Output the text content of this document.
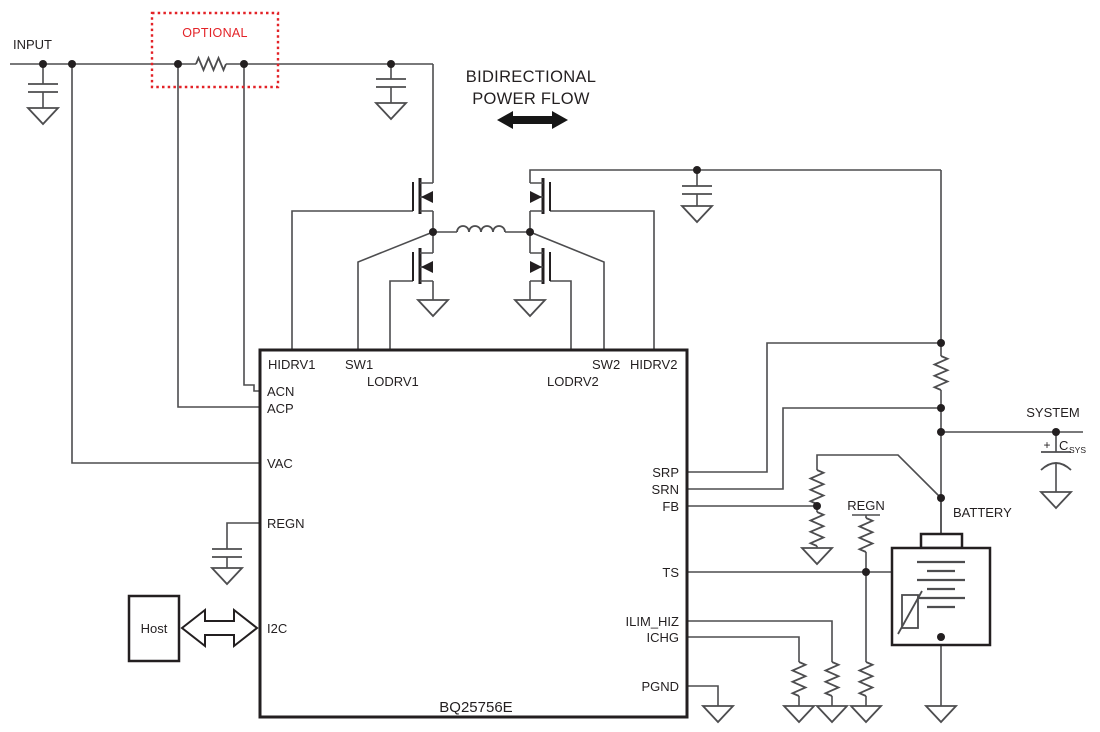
OPTIONAL
BIDIRECTIONAL
POWER FLOW
HIDRV1 SW1
LODRV1	LODRV2
SW2 HIDRV2
ACN
ACP
VAC
REGN
I2C
SRP
SRN
FB
TS
ILIM_HIZ
ICHG
PGND
BQ25756E
Host
INPUT
SYSTEM
BATTERY
REGN
+ C SYS
